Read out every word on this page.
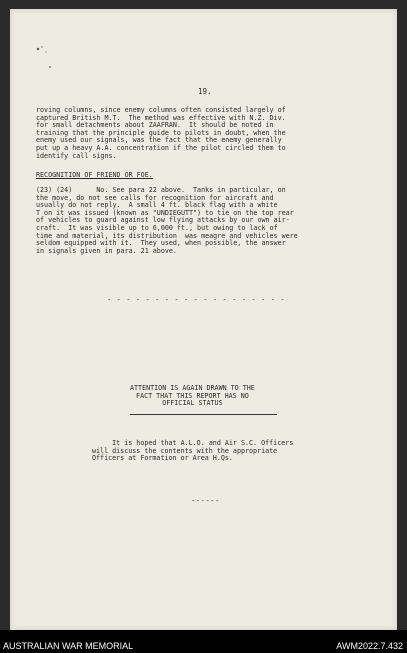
19.
roving columns, since enemy columns often consisted largely of
captured British M.T.  The method was effective with N.Z. Div.
for small detachments about ZAAFRAN.  It should be noted in
training that the principle guide to pilots in doubt, when the
enemy used our signals, was the fact that the enemy generally
put up a heavy A.A. concentration if the pilot circled them to
identify call signs.
RECOGNITION OF FRIEND OR FOE.
(23) (24)      No. See para 22 above.  Tanks in particular, on
the move, do not see calls for recognition for aircraft and
usually do not reply.  A small 4 ft. black flag with a white
T on it was issued (known as "UNDIEGUTT") to tie on the top rear
of vehicles to guard against low flying attacks by our own air-
craft.  It was visible up to 6,000 ft., but owing to lack of
time and material, its distribution  was meagre and vehicles were
seldom equipped with it.  They used, when possible, the answer
in signals given in para. 21 above.
- - - - - - - - - - - - - - - - - - -
ATTENTION IS AGAIN DRAWN TO THE
FACT THAT THIS REPORT HAS NO
OFFICIAL STATUS
It is hoped that A.L.O. and Air S.C. Officers
will discuss the contents with the appropriate
Officers at Formation or Area H.Qs.
------

AUSTRALIAN WAR MEMORIAL	AWM2022.7.432
